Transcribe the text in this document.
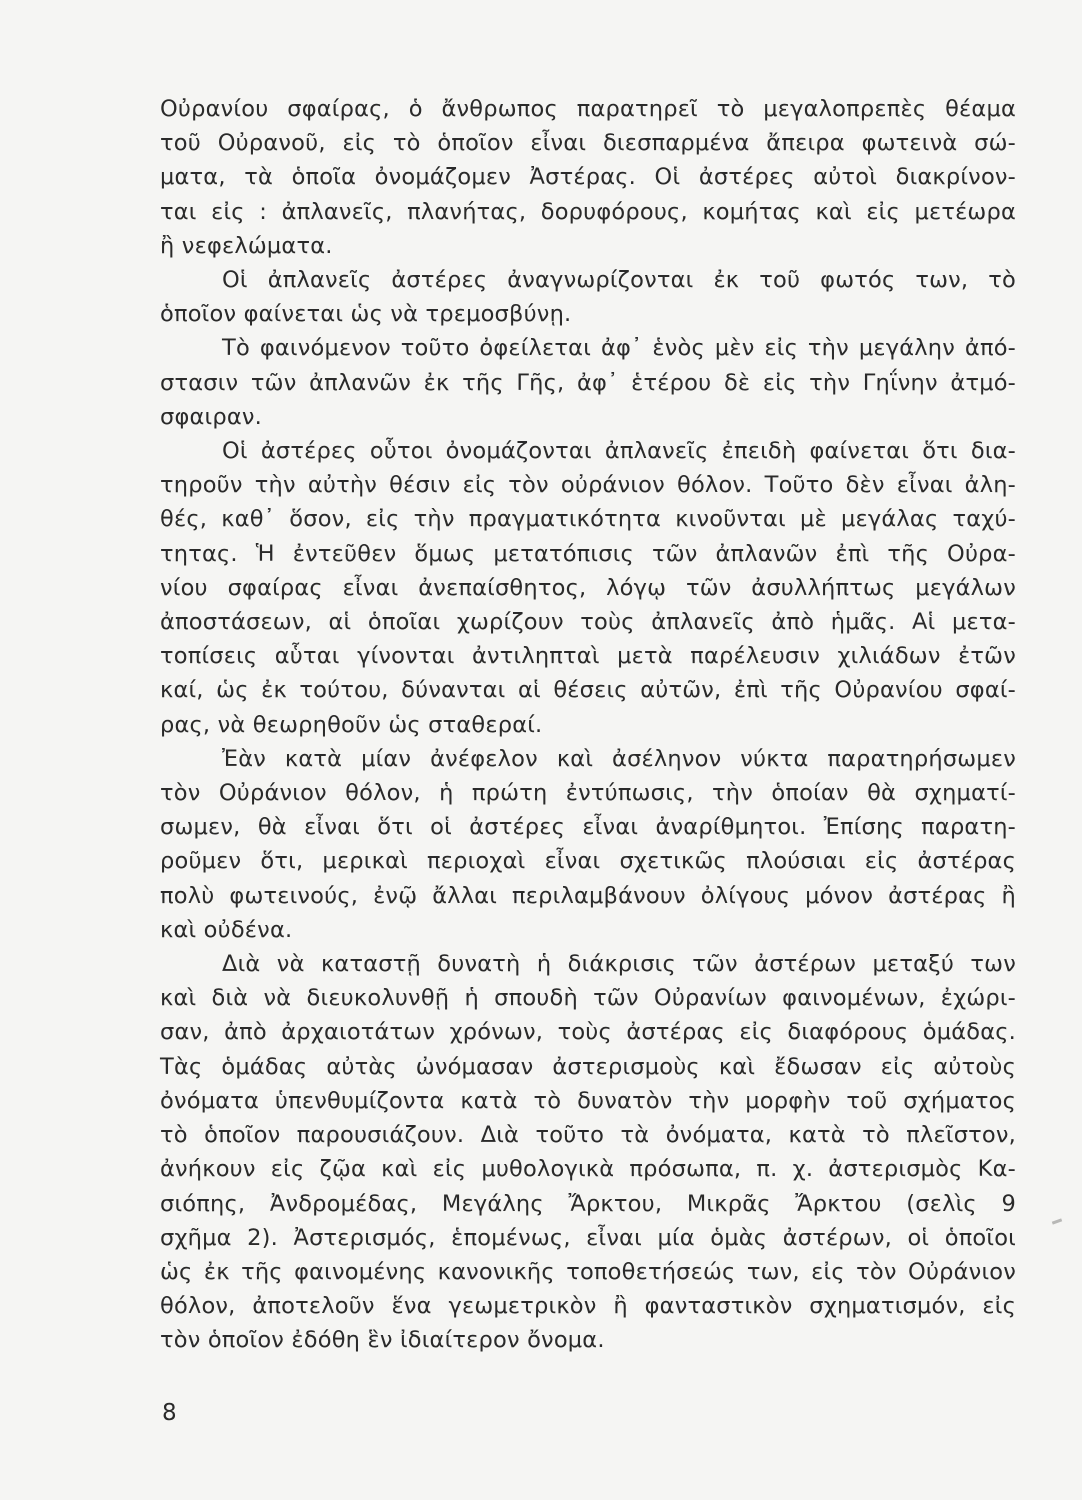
Οὐρανίου σφαίρας, ὁ ἄνθρωπος παρατηρεῖ τὸ μεγαλοπρεπὲς θέαμα
τοῦ Οὐρανοῦ, εἰς τὸ ὁποῖον εἶναι διεσπαρμένα ἄπειρα φωτεινὰ σώ-
ματα, τὰ ὁποῖα ὀνομάζομεν Ἀστέρας. Οἱ ἀστέρες αὐτοὶ διακρίνον-
ται εἰς : ἀπλανεῖς, πλανήτας, δορυφόρους, κομήτας καὶ εἰς μετέωρα
ἢ νεφελώματα.
Οἱ ἀπλανεῖς ἀστέρες ἀναγνωρίζονται ἐκ τοῦ φωτός των, τὸ
ὁποῖον φαίνεται ὡς νὰ τρεμοσβύνῃ.
Τὸ φαινόμενον τοῦτο ὀφείλεται ἀφ᾽ ἑνὸς μὲν εἰς τὴν μεγάλην ἀπό-
στασιν τῶν ἀπλανῶν ἐκ τῆς Γῆς, ἀφ᾽ ἑτέρου δὲ εἰς τὴν Γηΐνην ἀτμό-
σφαιραν.
Οἱ ἀστέρες οὗτοι ὀνομάζονται ἀπλανεῖς ἐπειδὴ φαίνεται ὅτι δια-
τηροῦν τὴν αὐτὴν θέσιν εἰς τὸν οὐράνιον θόλον. Τοῦτο δὲν εἶναι ἀλη-
θές, καθ᾽ ὅσον, εἰς τὴν πραγματικότητα κινοῦνται μὲ μεγάλας ταχύ-
τητας. Ἡ ἐντεῦθεν ὅμως μετατόπισις τῶν ἀπλανῶν ἐπὶ τῆς Οὐρα-
νίου σφαίρας εἶναι ἀνεπαίσθητος, λόγῳ τῶν ἀσυλλήπτως μεγάλων
ἀποστάσεων, αἱ ὁποῖαι χωρίζουν τοὺς ἀπλανεῖς ἀπὸ ἡμᾶς. Αἱ μετα-
τοπίσεις αὗται γίνονται ἀντιληπταὶ μετὰ παρέλευσιν χιλιάδων ἐτῶν
καί, ὡς ἐκ τούτου, δύνανται αἱ θέσεις αὐτῶν, ἐπὶ τῆς Οὐρανίου σφαί-
ρας, νὰ θεωρηθοῦν ὡς σταθεραί.
Ἐὰν κατὰ μίαν ἀνέφελον καὶ ἀσέληνον νύκτα παρατηρήσωμεν
τὸν Οὐράνιον θόλον, ἡ πρώτη ἐντύπωσις, τὴν ὁποίαν θὰ σχηματί-
σωμεν, θὰ εἶναι ὅτι οἱ ἀστέρες εἶναι ἀναρίθμητοι. Ἐπίσης παρατη-
ροῦμεν ὅτι, μερικαὶ περιοχαὶ εἶναι σχετικῶς πλούσιαι εἰς ἀστέρας
πολὺ φωτεινούς, ἐνῷ ἄλλαι περιλαμβάνουν ὀλίγους μόνον ἀστέρας ἢ
καὶ οὐδένα.
Διὰ νὰ καταστῇ δυνατὴ ἡ διάκρισις τῶν ἀστέρων μεταξύ των
καὶ διὰ νὰ διευκολυνθῇ ἡ σπουδὴ τῶν Οὐρανίων φαινομένων, ἐχώρι-
σαν, ἀπὸ ἀρχαιοτάτων χρόνων, τοὺς ἀστέρας εἰς διαφόρους ὁμάδας.
Τὰς ὁμάδας αὐτὰς ὠνόμασαν ἀστερισμοὺς καὶ ἔδωσαν εἰς αὐτοὺς
ὀνόματα ὑπενθυμίζοντα κατὰ τὸ δυνατὸν τὴν μορφὴν τοῦ σχήματος
τὸ ὁποῖον παρουσιάζουν. Διὰ τοῦτο τὰ ὀνόματα, κατὰ τὸ πλεῖστον,
ἀνήκουν εἰς ζῷα καὶ εἰς μυθολογικὰ πρόσωπα, π. χ. ἀστερισμὸς Κα-
σιόπης, Ἀνδρομέδας, Μεγάλης Ἄρκτου, Μικρᾶς Ἄρκτου (σελὶς 9
σχῆμα 2). Ἀστερισμός, ἑπομένως, εἶναι μία ὁμὰς ἀστέρων, οἱ ὁποῖοι
ὡς ἐκ τῆς φαινομένης κανονικῆς τοποθετήσεώς των, εἰς τὸν Οὐράνιον
θόλον, ἀποτελοῦν ἕνα γεωμετρικὸν ἢ φανταστικὸν σχηματισμόν, εἰς
τὸν ὁποῖον ἐδόθη ἓν ἰδιαίτερον ὄνομα.
8
